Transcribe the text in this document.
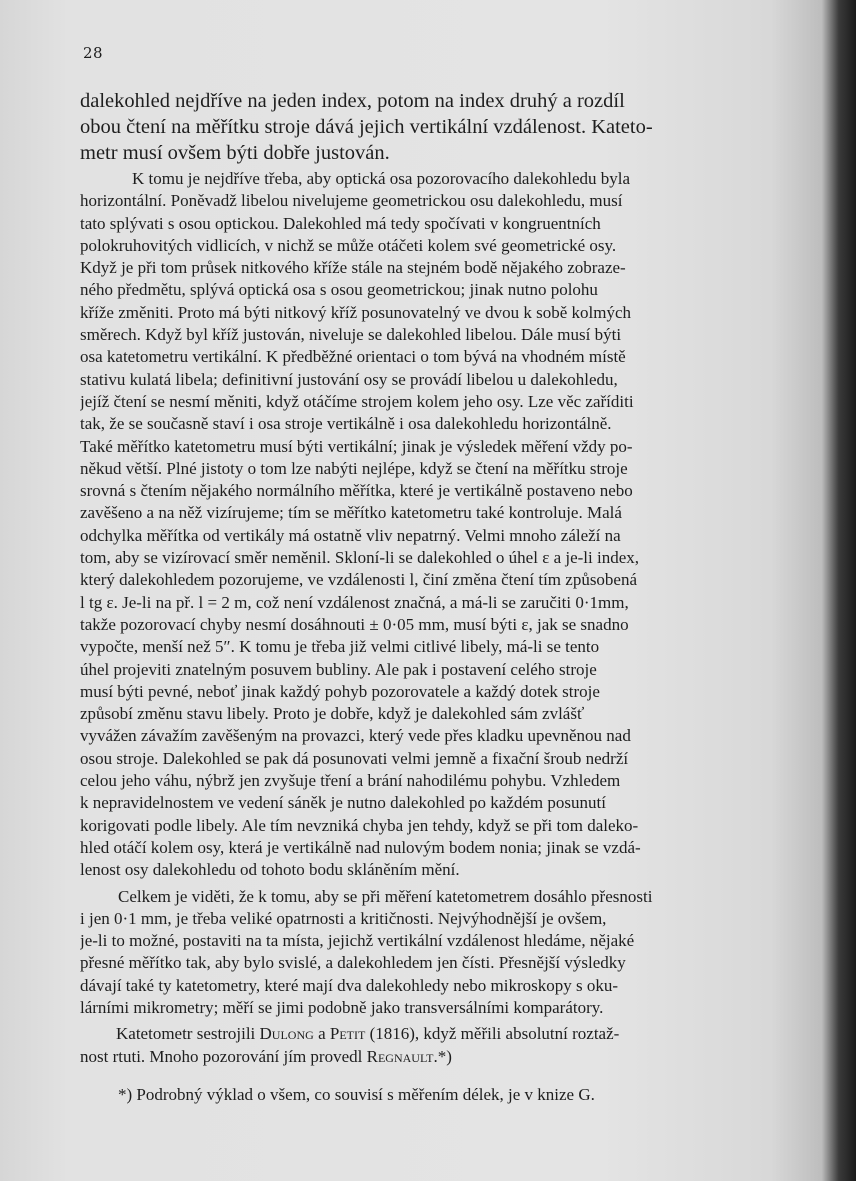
28

dalekohled nejdříve na jeden index, potom na index druhý a rozdíl
obou čtení na měřítku stroje dává jejich vertikální vzdálenost. Kateto-
metr musí ovšem býti dobře justován.

K tomu je nejdříve třeba, aby optická osa pozorovacího dalekohledu byla
horizontální. Poněvadž libelou nivelujeme geometrickou osu dalekohledu, musí
tato splývati s osou optickou. Dalekohled má tedy spočívati v kongruentních
polokruhovitých vidlicích, v nichž se může otáčeti kolem své geometrické osy.
Když je při tom průsek nitkového kříže stále na stejném bodě nějakého zobraze-
ného předmětu, splývá optická osa s osou geometrickou; jinak nutno polohu
kříže změniti. Proto má býti nitkový kříž posunovatelný ve dvou k sobě kolmých
směrech. Když byl kříž justován, niveluje se dalekohled libelou. Dále musí býti
osa katetometru vertikální. K předběžné orientaci o tom bývá na vhodném místě
stativu kulatá libela; definitivní justování osy se provádí libelou u dalekohledu,
jejíž čtení se nesmí měniti, když otáčíme strojem kolem jeho osy. Lze věc zaříditi
tak, že se současně staví i osa stroje vertikálně i osa dalekohledu horizontálně.
Také měřítko katetometru musí býti vertikální; jinak je výsledek měření vždy po-
někud větší. Plné jistoty o tom lze nabýti nejlépe, když se čtení na měřítku stroje
srovná s čtením nějakého normálního měřítka, které je vertikálně postaveno nebo
zavěšeno a na něž vizírujeme; tím se měřítko katetometru také kontroluje. Malá
odchylka měřítka od vertikály má ostatně vliv nepatrný. Velmi mnoho záleží na
tom, aby se vizírovací směr neměnil. Skloní-li se dalekohled o úhel ε a je-li index,
který dalekohledem pozorujeme, ve vzdálenosti l, činí změna čtení tím způsobená
l tg ε. Je-li na př. l = 2 m, což není vzdálenost značná, a má-li se zaručiti 0·1mm,
takže pozorovací chyby nesmí dosáhnouti ± 0·05 mm, musí býti ε, jak se snadno
vypočte, menší než 5″. K tomu je třeba již velmi citlivé libely, má-li se tento
úhel projeviti znatelným posuvem bubliny. Ale pak i postavení celého stroje
musí býti pevné, neboť jinak každý pohyb pozorovatele a každý dotek stroje
způsobí změnu stavu libely. Proto je dobře, když je dalekohled sám zvlášť
vyvážen závažím zavěšeným na provazci, který vede přes kladku upevněnou nad
osou stroje. Dalekohled se pak dá posunovati velmi jemně a fixační šroub nedrží
celou jeho váhu, nýbrž jen zvyšuje tření a brání nahodilému pohybu. Vzhledem
k nepravidelnostem ve vedení sáněk je nutno dalekohled po každém posunutí
korigovati podle libely. Ale tím nevzniká chyba jen tehdy, když se při tom daleko-
hled otáčí kolem osy, která je vertikálně nad nulovým bodem nonia; jinak se vzdá-
lenost osy dalekohledu od tohoto bodu skláněním mění.

Celkem je viděti, že k tomu, aby se při měření katetometrem dosáhlo přesnosti
i jen 0·1 mm, je třeba veliké opatrnosti a kritičnosti. Nejvýhodnější je ovšem,
je-li to možné, postaviti na ta místa, jejichž vertikální vzdálenost hledáme, nějaké
přesné měřítko tak, aby bylo svislé, a dalekohledem jen čísti. Přesnější výsledky
dávají také ty katetometry, které mají dva dalekohledy nebo mikroskopy s oku-
lárními mikrometry; měří se jimi podobně jako transversálními komparátory.

Katetometr sestrojili Dulong a Petit (1816), když měřili absolutní roztaž-
nost rtuti. Mnoho pozorování jím provedl Regnault.*)

*) Podrobný výklad o všem, co souvisí s měřením délek, je v knize G.
